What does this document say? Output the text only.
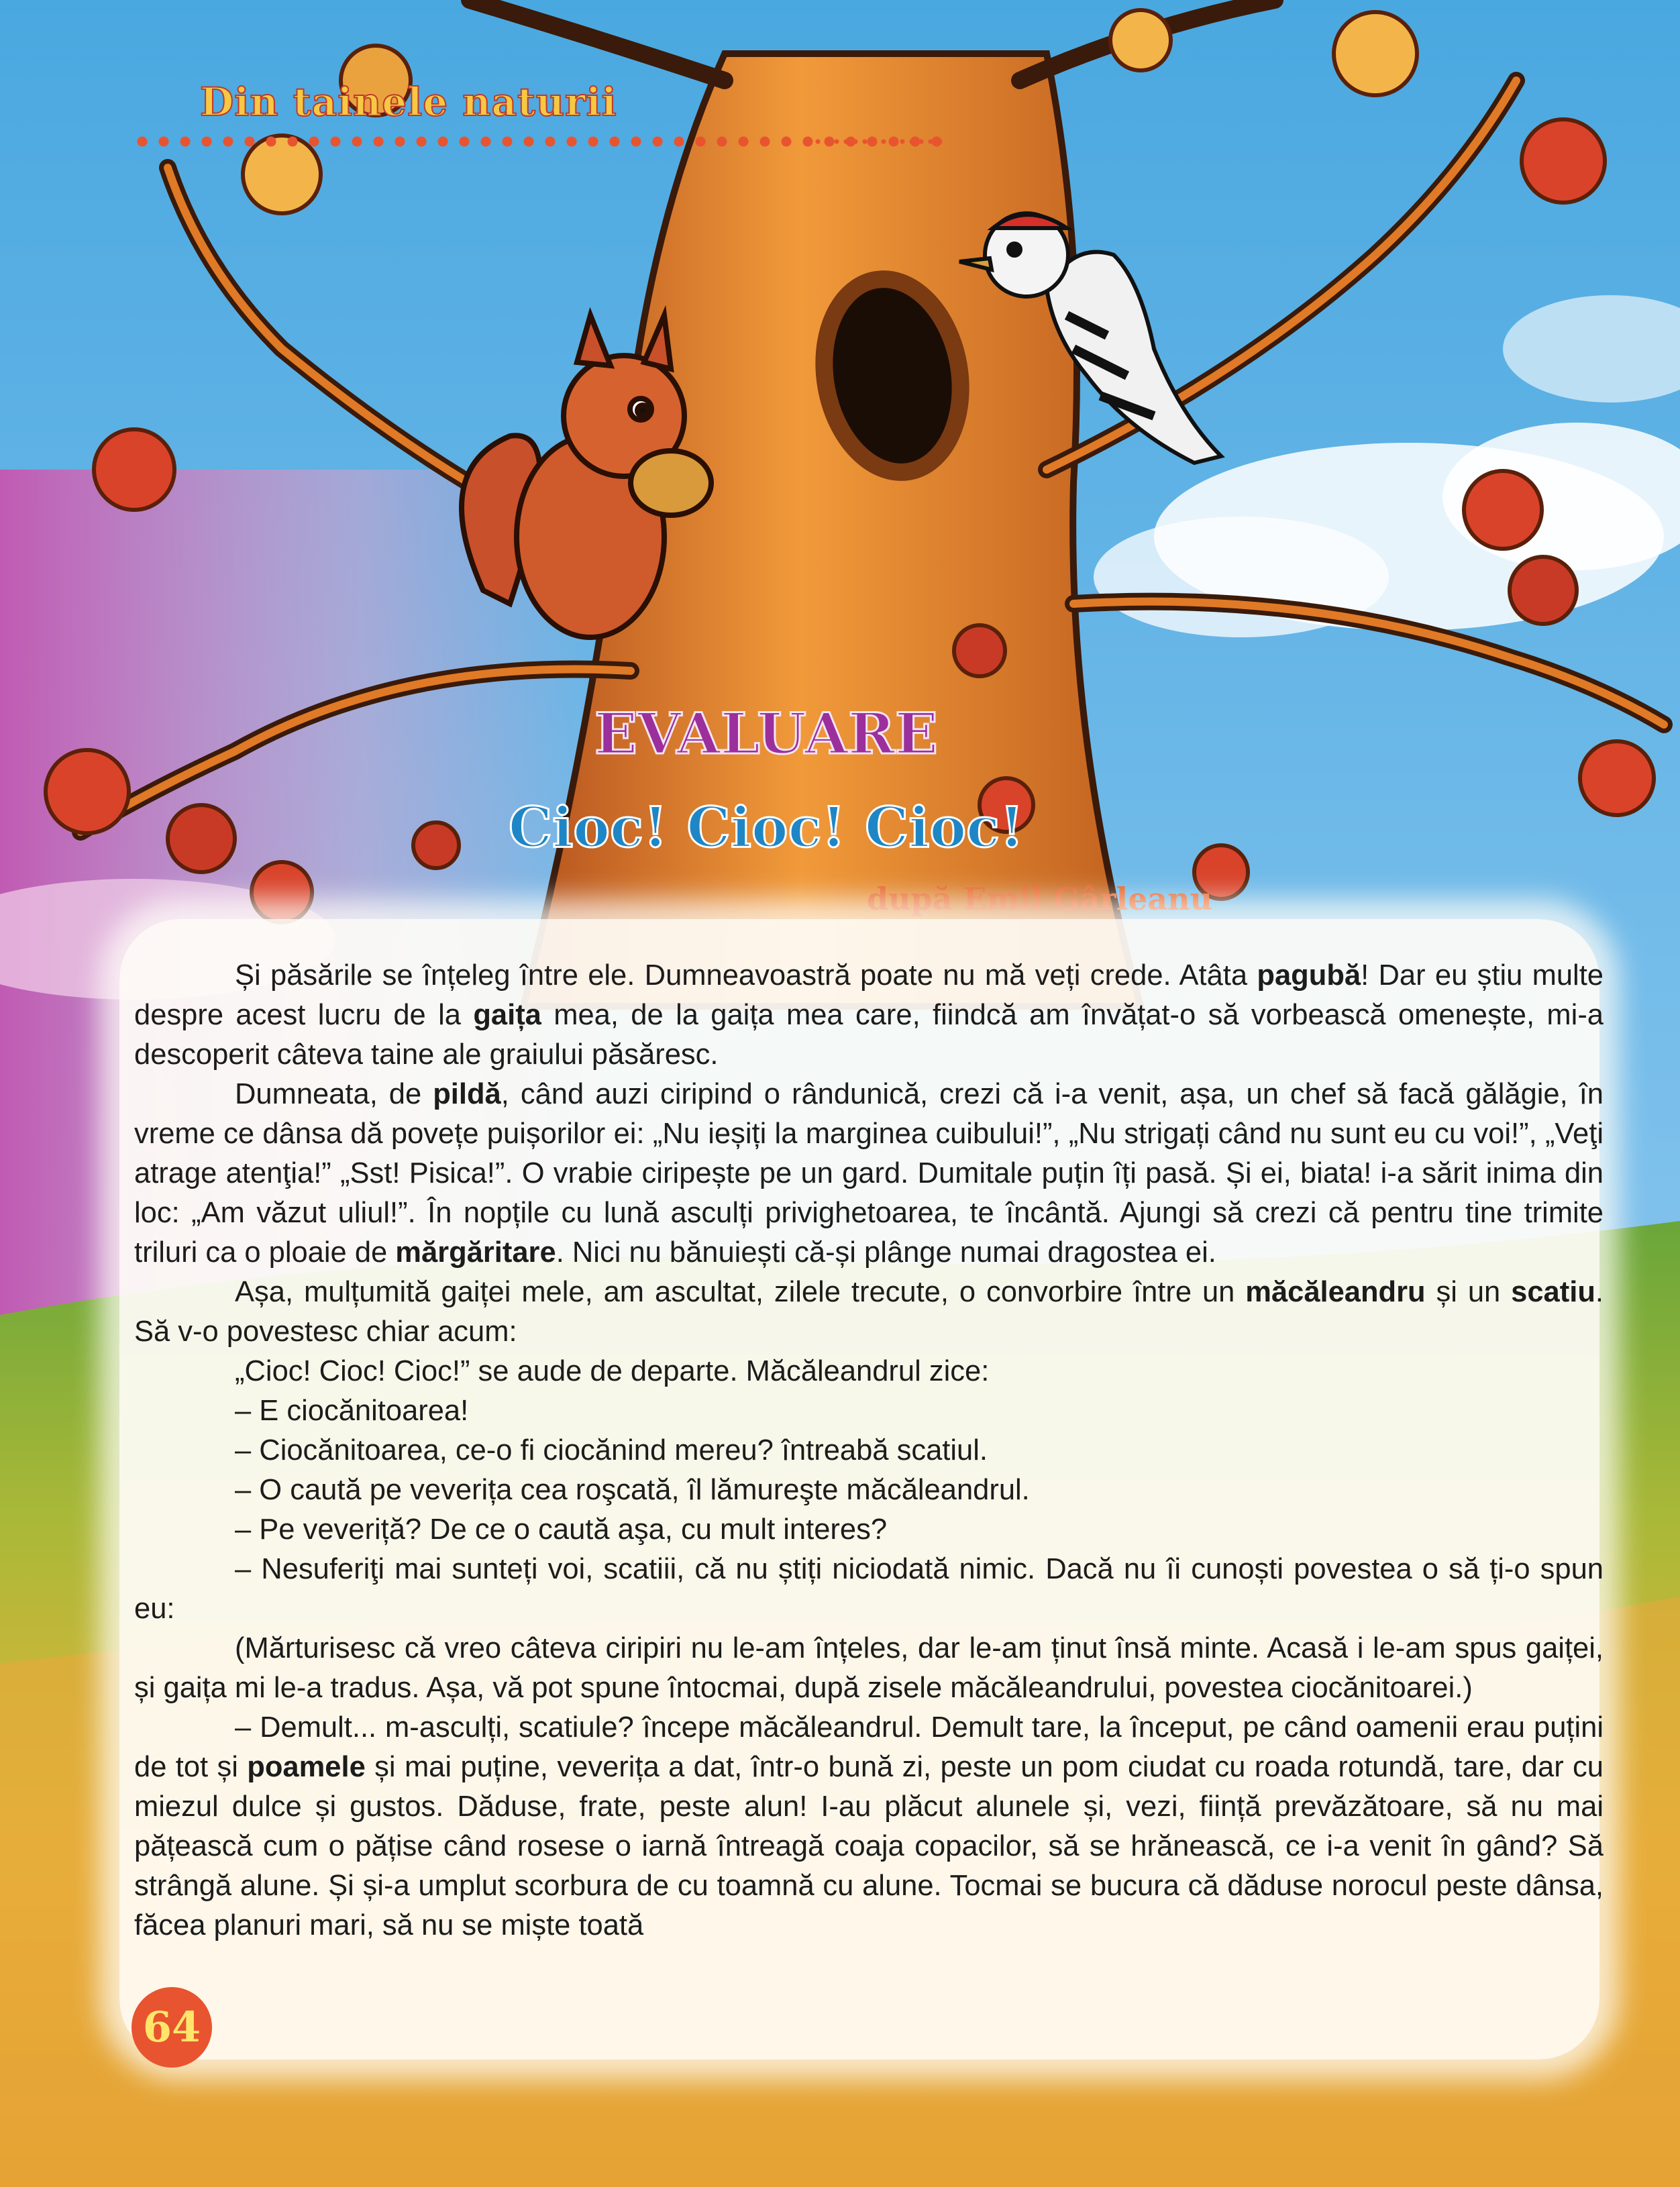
Din tainele naturii
EVALUARE
Cioc! Cioc! Cioc!
după Emil Gârleanu

Și păsările se înțeleg între ele. Dumneavoastră poate nu mă veți crede. Atâta pagubă! Dar eu știu multe despre acest lucru de la gaița mea, de la gaița mea care, fiindcă am învățat-o să vorbească omenește, mi-a descoperit câteva taine ale graiului păsăresc.

Dumneata, de pildă, când auzi ciripind o rândunică, crezi că i-a venit, așa, un chef să facă gălăgie, în vreme ce dânsa dă povețe puișorilor ei: „Nu ieșiți la marginea cuibului!”, „Nu strigați când nu sunt eu cu voi!”, „Veţi atrage atenţia!” „Sst! Pisica!”. O vrabie ciripește pe un gard. Dumitale puțin îți pasă. Și ei, biata! i-a sărit inima din loc: „Am văzut uliul!”. În nopțile cu lună asculți privighetoarea, te încântă. Ajungi să crezi că pentru tine trimite triluri ca o ploaie de mărgăritare. Nici nu bănuiești că-și plânge numai dragostea ei.

Așa, mulțumită gaiței mele, am ascultat, zilele trecute, o convorbire între un măcăleandru și un scatiu. Să v-o povestesc chiar acum:

„Cioc! Cioc! Cioc!” se aude de departe. Măcăleandrul zice:

– E ciocănitoarea!

– Ciocănitoarea, ce-o fi ciocănind mereu? întreabă scatiul.

– O caută pe veverița cea roşcată, îl lămureşte măcăleandrul.

– Pe veveriță? De ce o caută aşa, cu mult interes?

– Nesuferiţi mai sunteți voi, scatiii, că nu știți niciodată nimic. Dacă nu îi cunoști povestea o să ți-o spun eu:

(Mărturisesc că vreo câteva ciripiri nu le-am înțeles, dar le-am ținut însă minte. Acasă i le-am spus gaiței, și gaița mi le-a tradus. Așa, vă pot spune întocmai, după zisele măcăleandrului, povestea ciocănitoarei.)

– Demult... m-asculți, scatiule? începe măcăleandrul. Demult tare, la început, pe când oamenii erau puțini de tot și poamele și mai puține, veverița a dat, într-o bună zi, peste un pom ciudat cu roada rotundă, tare, dar cu miezul dulce și gustos. Dăduse, frate, peste alun! I-au plăcut alunele și, vezi, ființă prevăzătoare, să nu mai pățească cum o pățise când rosese o iarnă întreagă coaja copacilor, să se hrănească, ce i-a venit în gând? Să strângă alune. Și și-a umplut scorbura de cu toamnă cu alune. Tocmai se bucura că dăduse norocul peste dânsa, făcea planuri mari, să nu se miște toată

64
